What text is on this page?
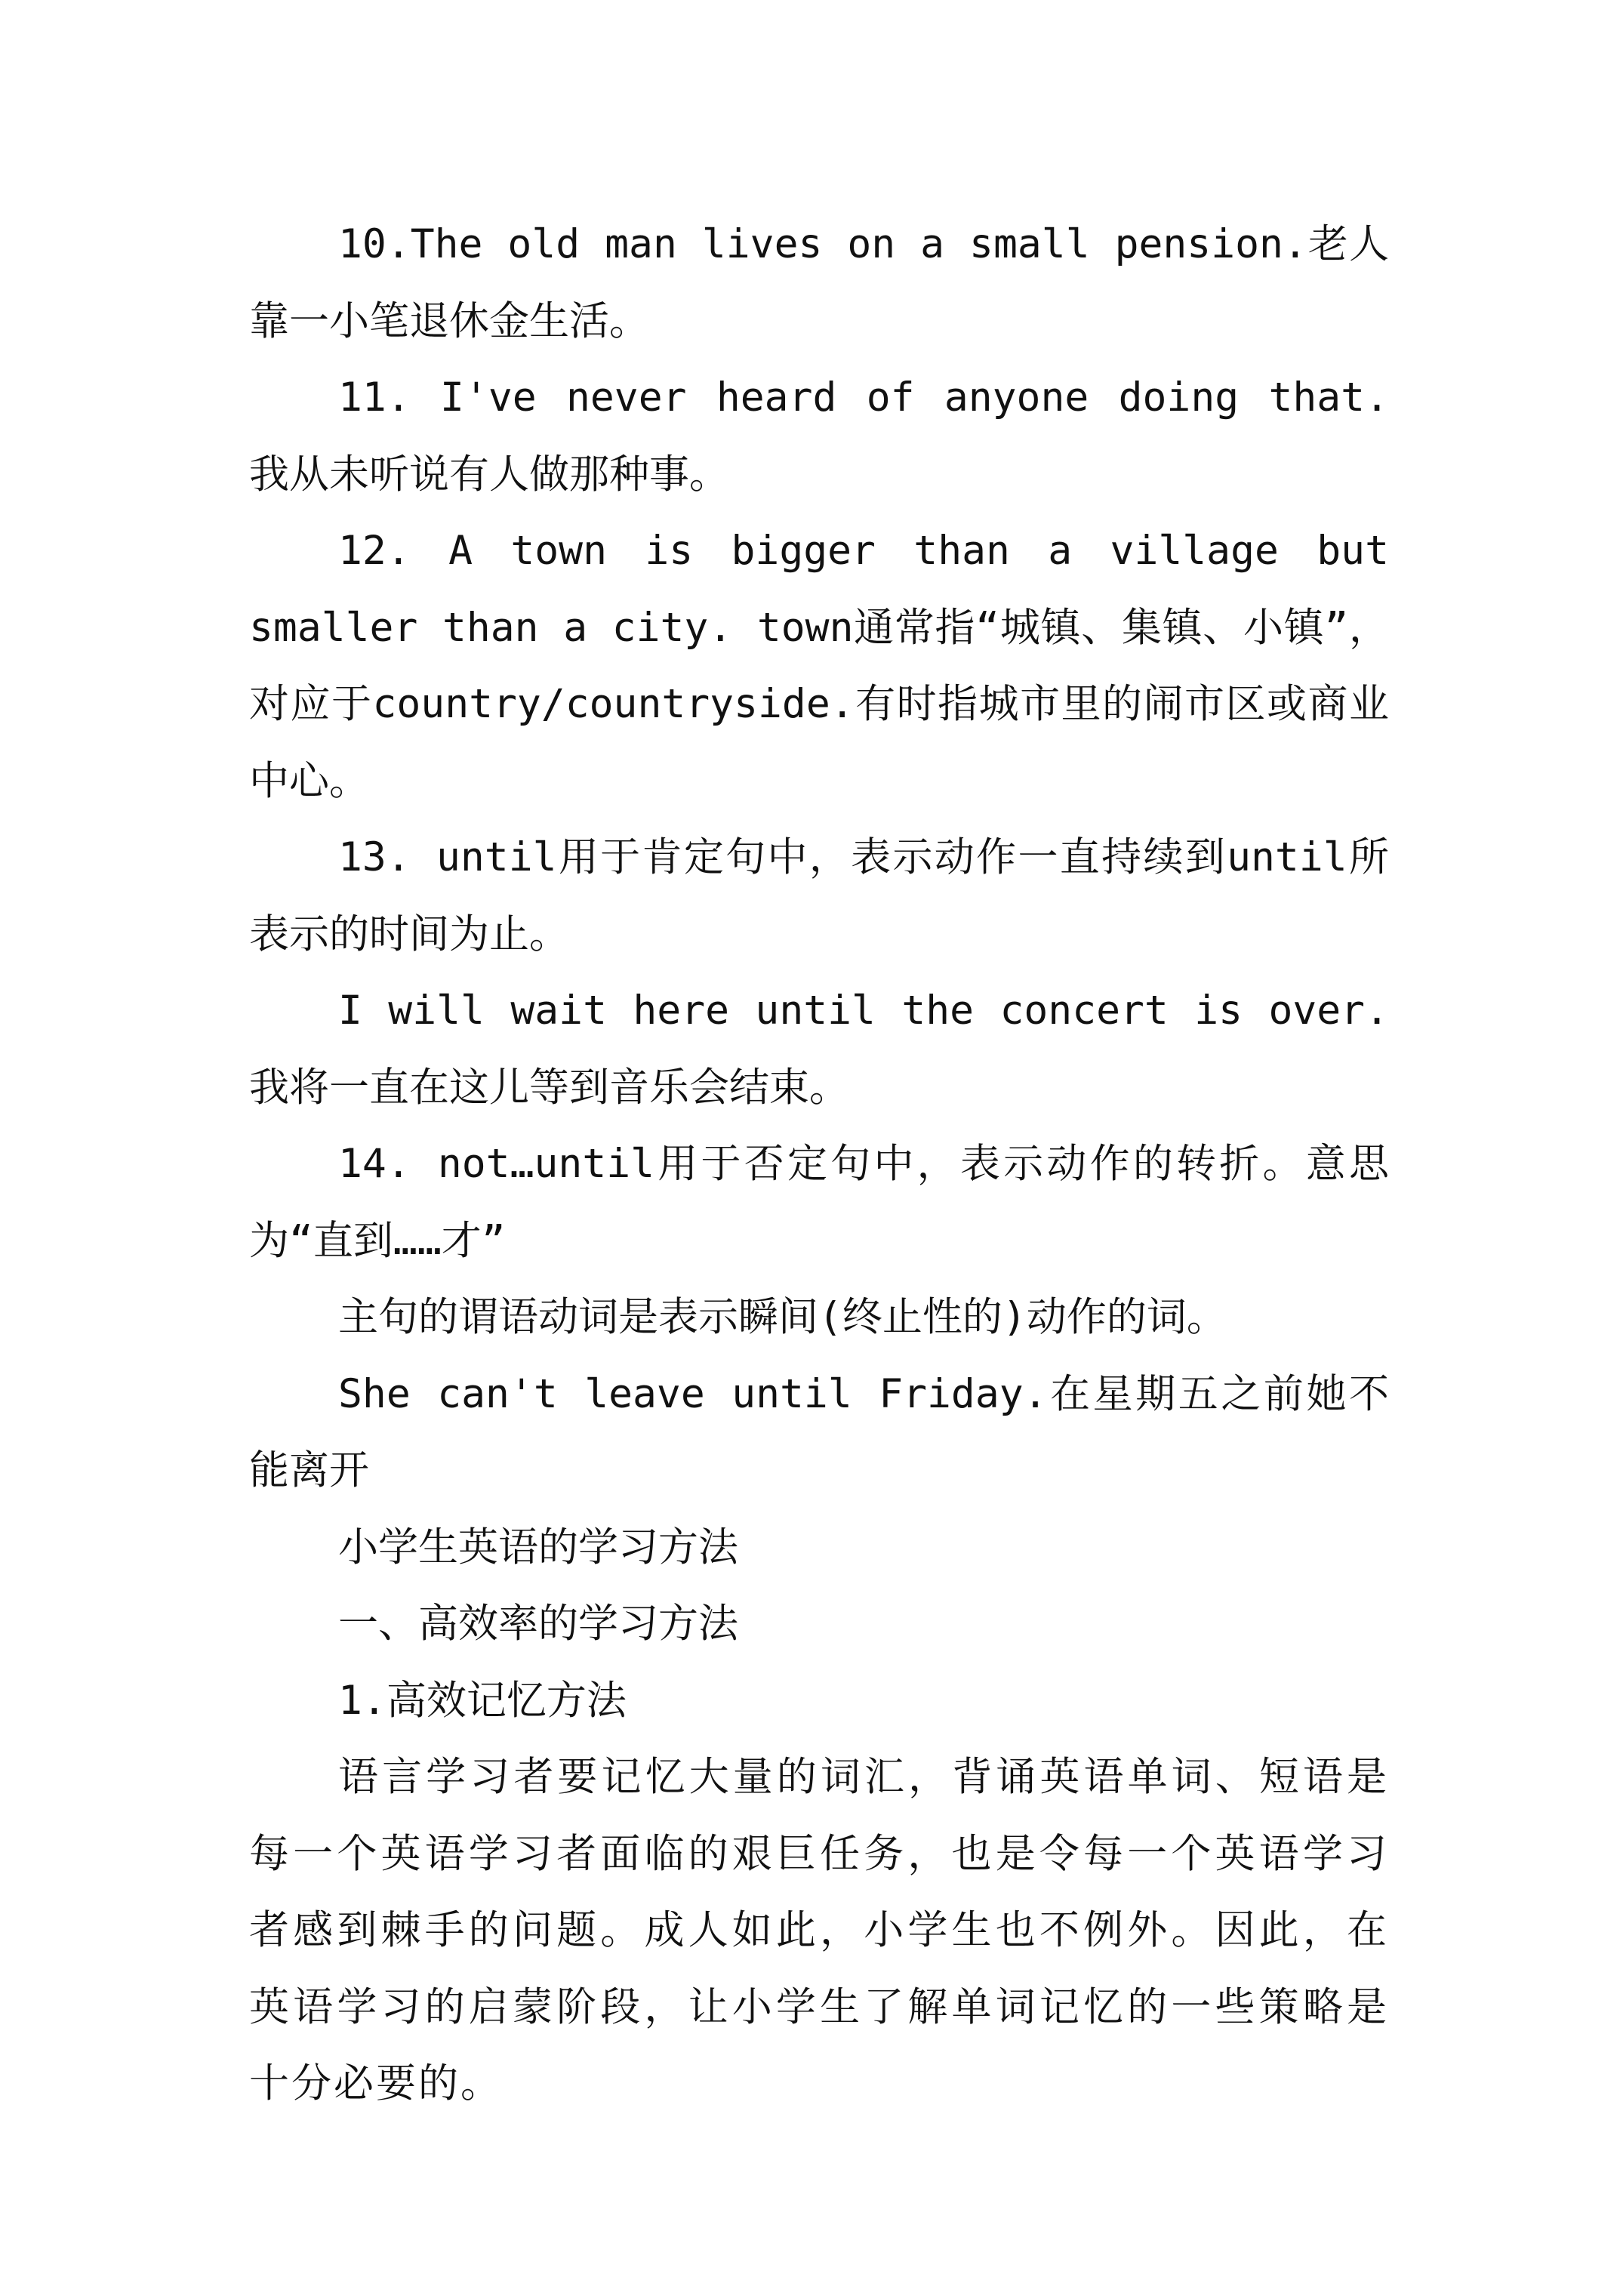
10.The old man lives on a small pension.老人靠一小笔退休金生活。

11. I've never heard of anyone doing that. 我从未听说有人做那种事。

12. A town is bigger than a village but smaller than a city. town通常指“城镇、集镇、小镇”，对应于country/countryside.有时指城市里的闹市区或商业中心。

13. until用于肯定句中，表示动作一直持续到until所表示的时间为止。

I will wait here until the concert is over.我将一直在这儿等到音乐会结束。

14. not…until用于否定句中，表示动作的转折。意思为“直到……才”

主句的谓语动词是表示瞬间(终止性的)动作的词。

She can't leave until Friday.在星期五之前她不能离开

小学生英语的学习方法

一、高效率的学习方法

1.高效记忆方法

语言学习者要记忆大量的词汇，背诵英语单词、短语是每一个英语学习者面临的艰巨任务，也是令每一个英语学习者感到棘手的问题。成人如此，小学生也不例外。因此，在英语学习的启蒙阶段，让小学生了解单词记忆的一些策略是十分必要的。
